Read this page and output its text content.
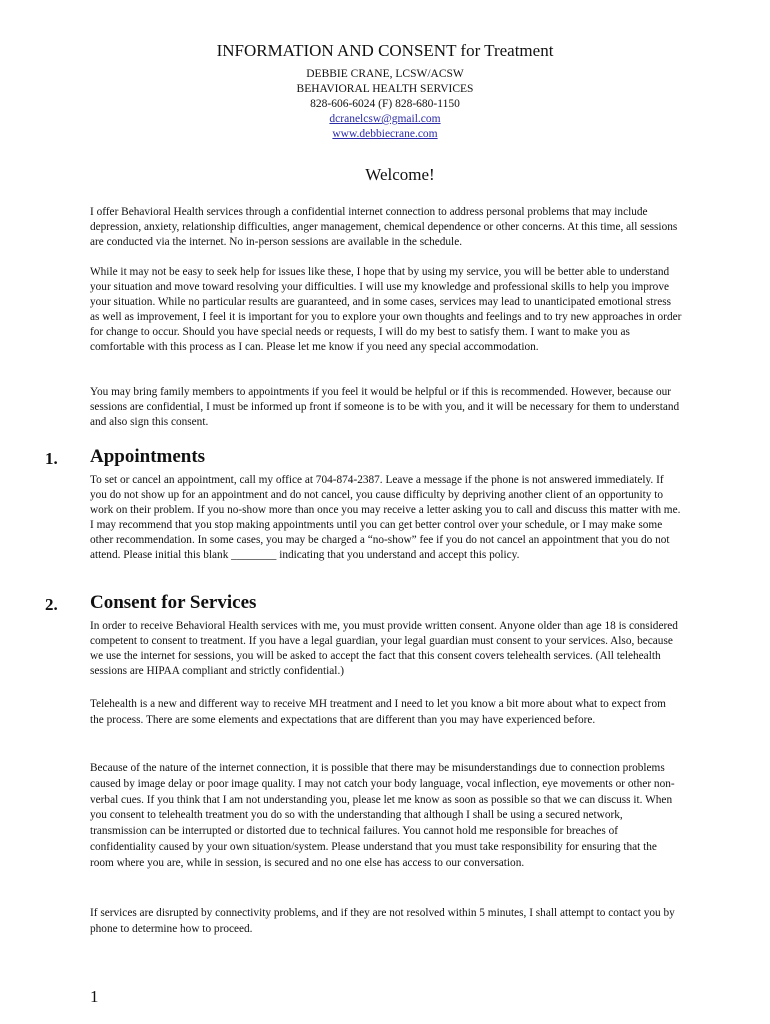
INFORMATION AND CONSENT for Treatment
DEBBIE CRANE, LCSW/ACSW
BEHAVIORAL HEALTH SERVICES
828-606-6024 (F) 828-680-1150
dcranelcsw@gmail.com
www.debbiecrane.com
Welcome!

I offer Behavioral Health services through a confidential internet connection to address personal problems that may include depression, anxiety, relationship difficulties, anger management, chemical dependence or other concerns. At this time, all sessions are conducted via the internet. No in-person sessions are available in the schedule.

While it may not be easy to seek help for issues like these, I hope that by using my service, you will be better able to understand your situation and move toward resolving your difficulties. I will use my knowledge and professional skills to help you improve your situation. While no particular results are guaranteed, and in some cases, services may lead to unanticipated emotional stress as well as improvement, I feel it is important for you to explore your own thoughts and feelings and to try new approaches in order for change to occur. Should you have special needs or requests, I will do my best to satisfy them. I want to make you as comfortable with this process as I can. Please let me know if you need any special accommodation.

You may bring family members to appointments if you feel it would be helpful or if this is recommended. However, because our sessions are confidential, I must be informed up front if someone is to be with you, and it will be necessary for them to understand and also sign this consent.

1. Appointments

To set or cancel an appointment, call my office at 704-874-2387. Leave a message if the phone is not answered immediately. If you do not show up for an appointment and do not cancel, you cause difficulty by depriving another client of an opportunity to work on their problem. If you no-show more than once you may receive a letter asking you to call and discuss this matter with me. I may recommend that you stop making appointments until you can get better control over your schedule, or I may make some other recommendation. In some cases, you may be charged a “no-show” fee if you do not cancel an appointment that you do not attend. Please initial this blank ________ indicating that you understand and accept this policy.

2. Consent for Services

In order to receive Behavioral Health services with me, you must provide written consent. Anyone older than age 18 is considered competent to consent to treatment. If you have a legal guardian, your legal guardian must consent to your services. Also, because we use the internet for sessions, you will be asked to accept the fact that this consent covers telehealth services. (All telehealth sessions are HIPAA compliant and strictly confidential.)

Telehealth is a new and different way to receive MH treatment and I need to let you know a bit more about what to expect from the process. There are some elements and expectations that are different than you may have experienced before.

Because of the nature of the internet connection, it is possible that there may be misunderstandings due to connection problems caused by image delay or poor image quality. I may not catch your body language, vocal inflection, eye movements or other non-verbal cues. If you think that I am not understanding you, please let me know as soon as possible so that we can discuss it. When you consent to telehealth treatment you do so with the understanding that although I shall be using a secured network, transmission can be interrupted or distorted due to technical failures. You cannot hold me responsible for breaches of confidentiality caused by your own situation/system. Please understand that you must take responsibility for ensuring that the room where you are, while in session, is secured and no one else has access to our conversation.

If services are disrupted by connectivity problems, and if they are not resolved within 5 minutes, I shall attempt to contact you by phone to determine how to proceed.

1
